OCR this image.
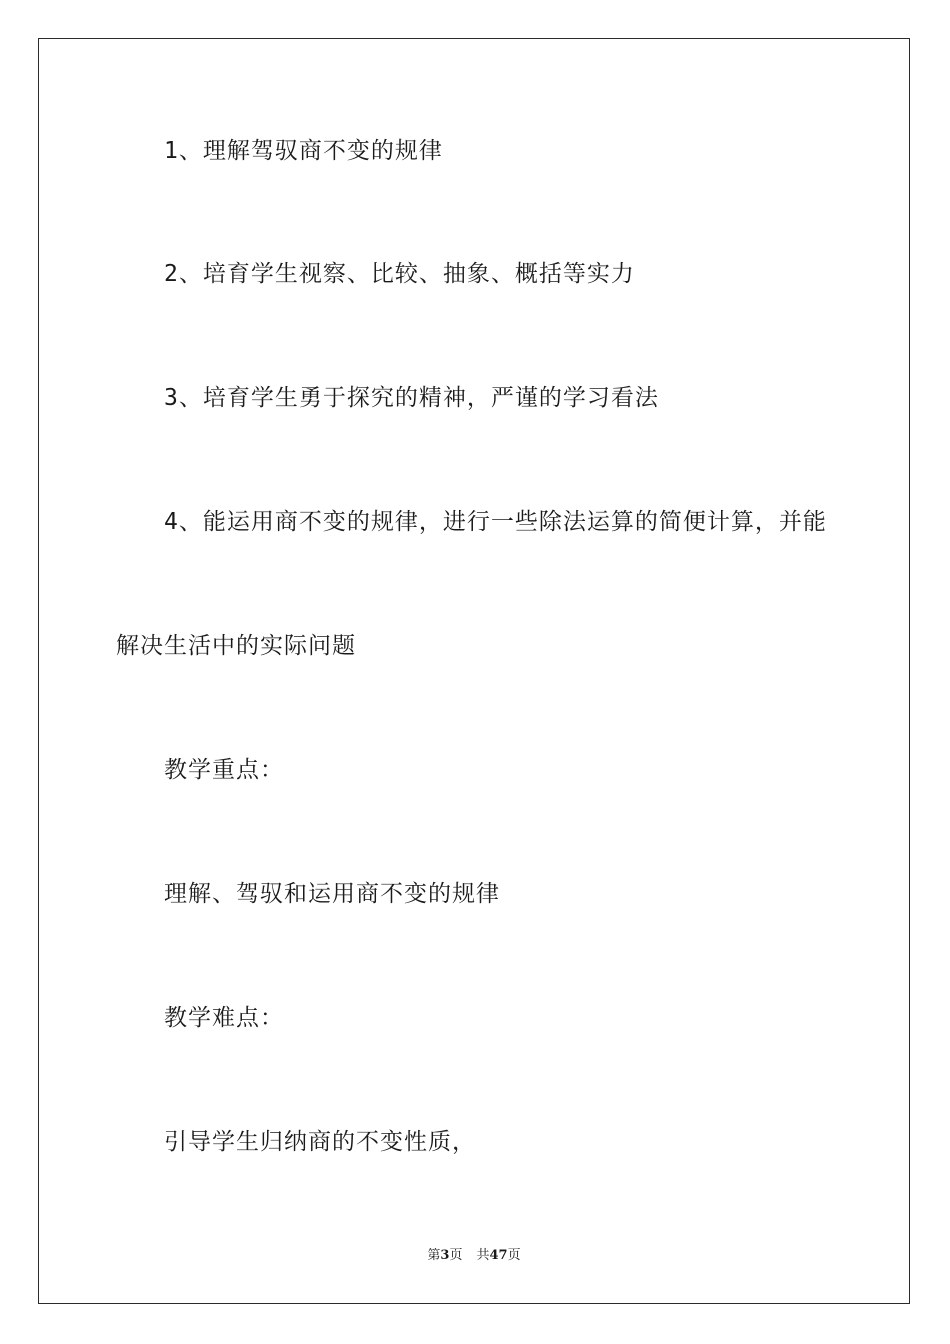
1、理解驾驭商不变的规律
2、培育学生视察、比较、抽象、概括等实力
3、培育学生勇于探究的精神，严谨的学习看法
4、能运用商不变的规律，进行一些除法运算的简便计算，并能
解决生活中的实际问题
教学重点：
理解、驾驭和运用商不变的规律
教学难点：
引导学生归纳商的不变性质，
第3页 共47页
